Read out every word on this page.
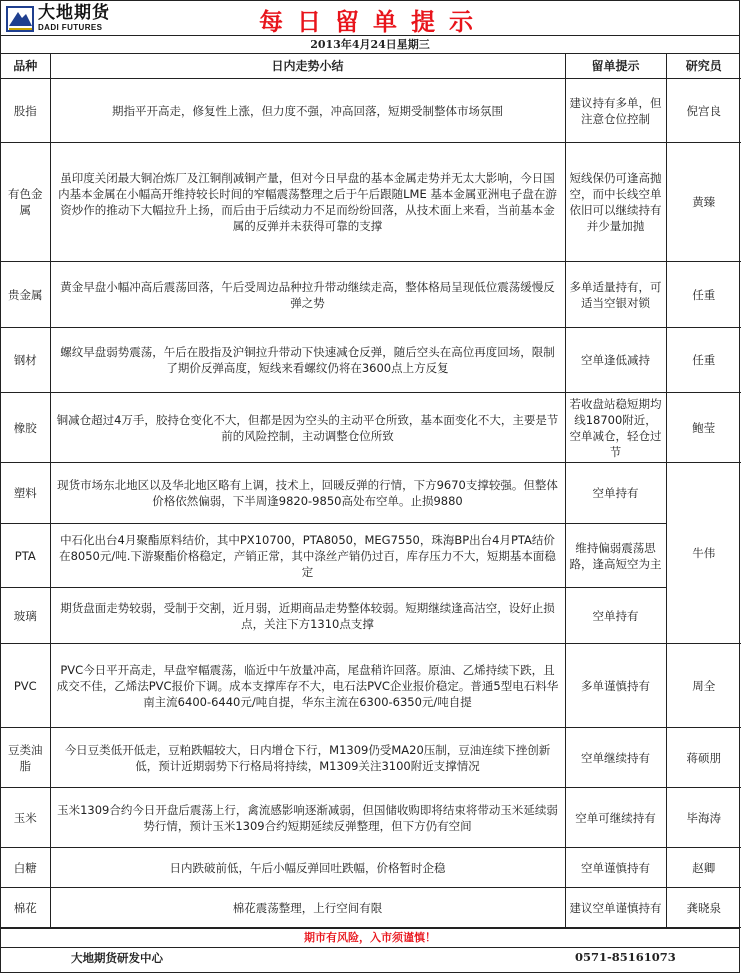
大地期货
DADI FUTURES	每日留单提示
2013年4月24日星期三
品种	日内走势小结	留单提示	研究员
股指	期指平开高走，修复性上涨，但力度不强，冲高回落，短期受制整体市场氛围	建议持有多单，但注意仓位控制	倪宫良
有色金属	虽印度关闭最大铜冶炼厂及江铜削减铜产量，但对今日早盘的基本金属走势并无太大影响，今日国内基本金属在小幅高开维持较长时间的窄幅震荡整理之后于午后跟随LME 基本金属亚洲电子盘在游资炒作的推动下大幅拉升上扬，而后由于后续动力不足而纷纷回落，从技术面上来看，当前基本金属的反弹并未获得可靠的支撑	短线保仍可逢高抛空，而中长线空单依旧可以继续持有并少量加抛	黄臻
贵金属	黄金早盘小幅冲高后震荡回落，午后受周边品种拉升带动继续走高，整体格局呈现低位震荡缓慢反弹之势	多单适量持有，可适当空银对锁	任重
钢材	螺纹早盘弱势震荡，午后在股指及沪铜拉升带动下快速减仓反弹，随后空头在高位再度回场，限制了期价反弹高度，短线来看螺纹仍将在3600点上方反复	空单逢低减持	任重
橡胶	铜减仓超过4万手，胶持仓变化不大，但都是因为空头的主动平仓所致，基本面变化不大，主要是节前的风险控制，主动调整仓位所致	若收盘站稳短期均线18700附近，空单减仓，轻仓过节	鲍莹
塑料	现货市场东北地区以及华北地区略有上调，技术上，回暖反弹的行情，下方9670支撑较强。但整体价格依然偏弱，下半周逢9820-9850高处布空单。止损9880	空单持有	牛伟
PTA	中石化出台4月聚酯原料结价，其中PX10700，PTA8050，MEG7550，珠海BP出台4月PTA结价在8050元/吨.下游聚酯价格稳定，产销正常，其中涤丝产销仍过百，库存压力不大，短期基本面稳定	维持偏弱震荡思路，逢高短空为主	
玻璃	期货盘面走势较弱，受制于交割，近月弱，近期商品走势整体较弱。短期继续逢高沽空，设好止损点，关注下方1310点支撑	空单持有	
PVC	PVC今日平开高走，早盘窄幅震荡，临近中午放量冲高，尾盘稍许回落。原油、乙烯持续下跌，且成交不佳，乙烯法PVC报价下调。成本支撑库存不大，电石法PVC企业报价稳定。普通5型电石料华南主流6400-6440元/吨自提，华东主流在6300-6350元/吨自提	多单谨慎持有	周全
豆类油脂	今日豆类低开低走，豆粕跌幅较大，日内增仓下行，M1309仍受MA20压制，豆油连续下挫创新低，预计近期弱势下行格局将持续，M1309关注3100附近支撑情况	空单继续持有	蒋硕朋
玉米	玉米1309合约今日开盘后震荡上行，禽流感影响逐渐减弱，但国储收购即将结束将带动玉米延续弱势行情，预计玉米1309合约短期延续反弹整理，但下方仍有空间	空单可继续持有	毕海涛
白糖	日内跌破前低，午后小幅反弹回吐跌幅，价格暂时企稳	空单谨慎持有	赵卿
棉花	棉花震荡整理，上行空间有限	建议空单谨慎持有	龚晓泉
期市有风险，入市须谨慎！
大地期货研发中心	0571-85161073
